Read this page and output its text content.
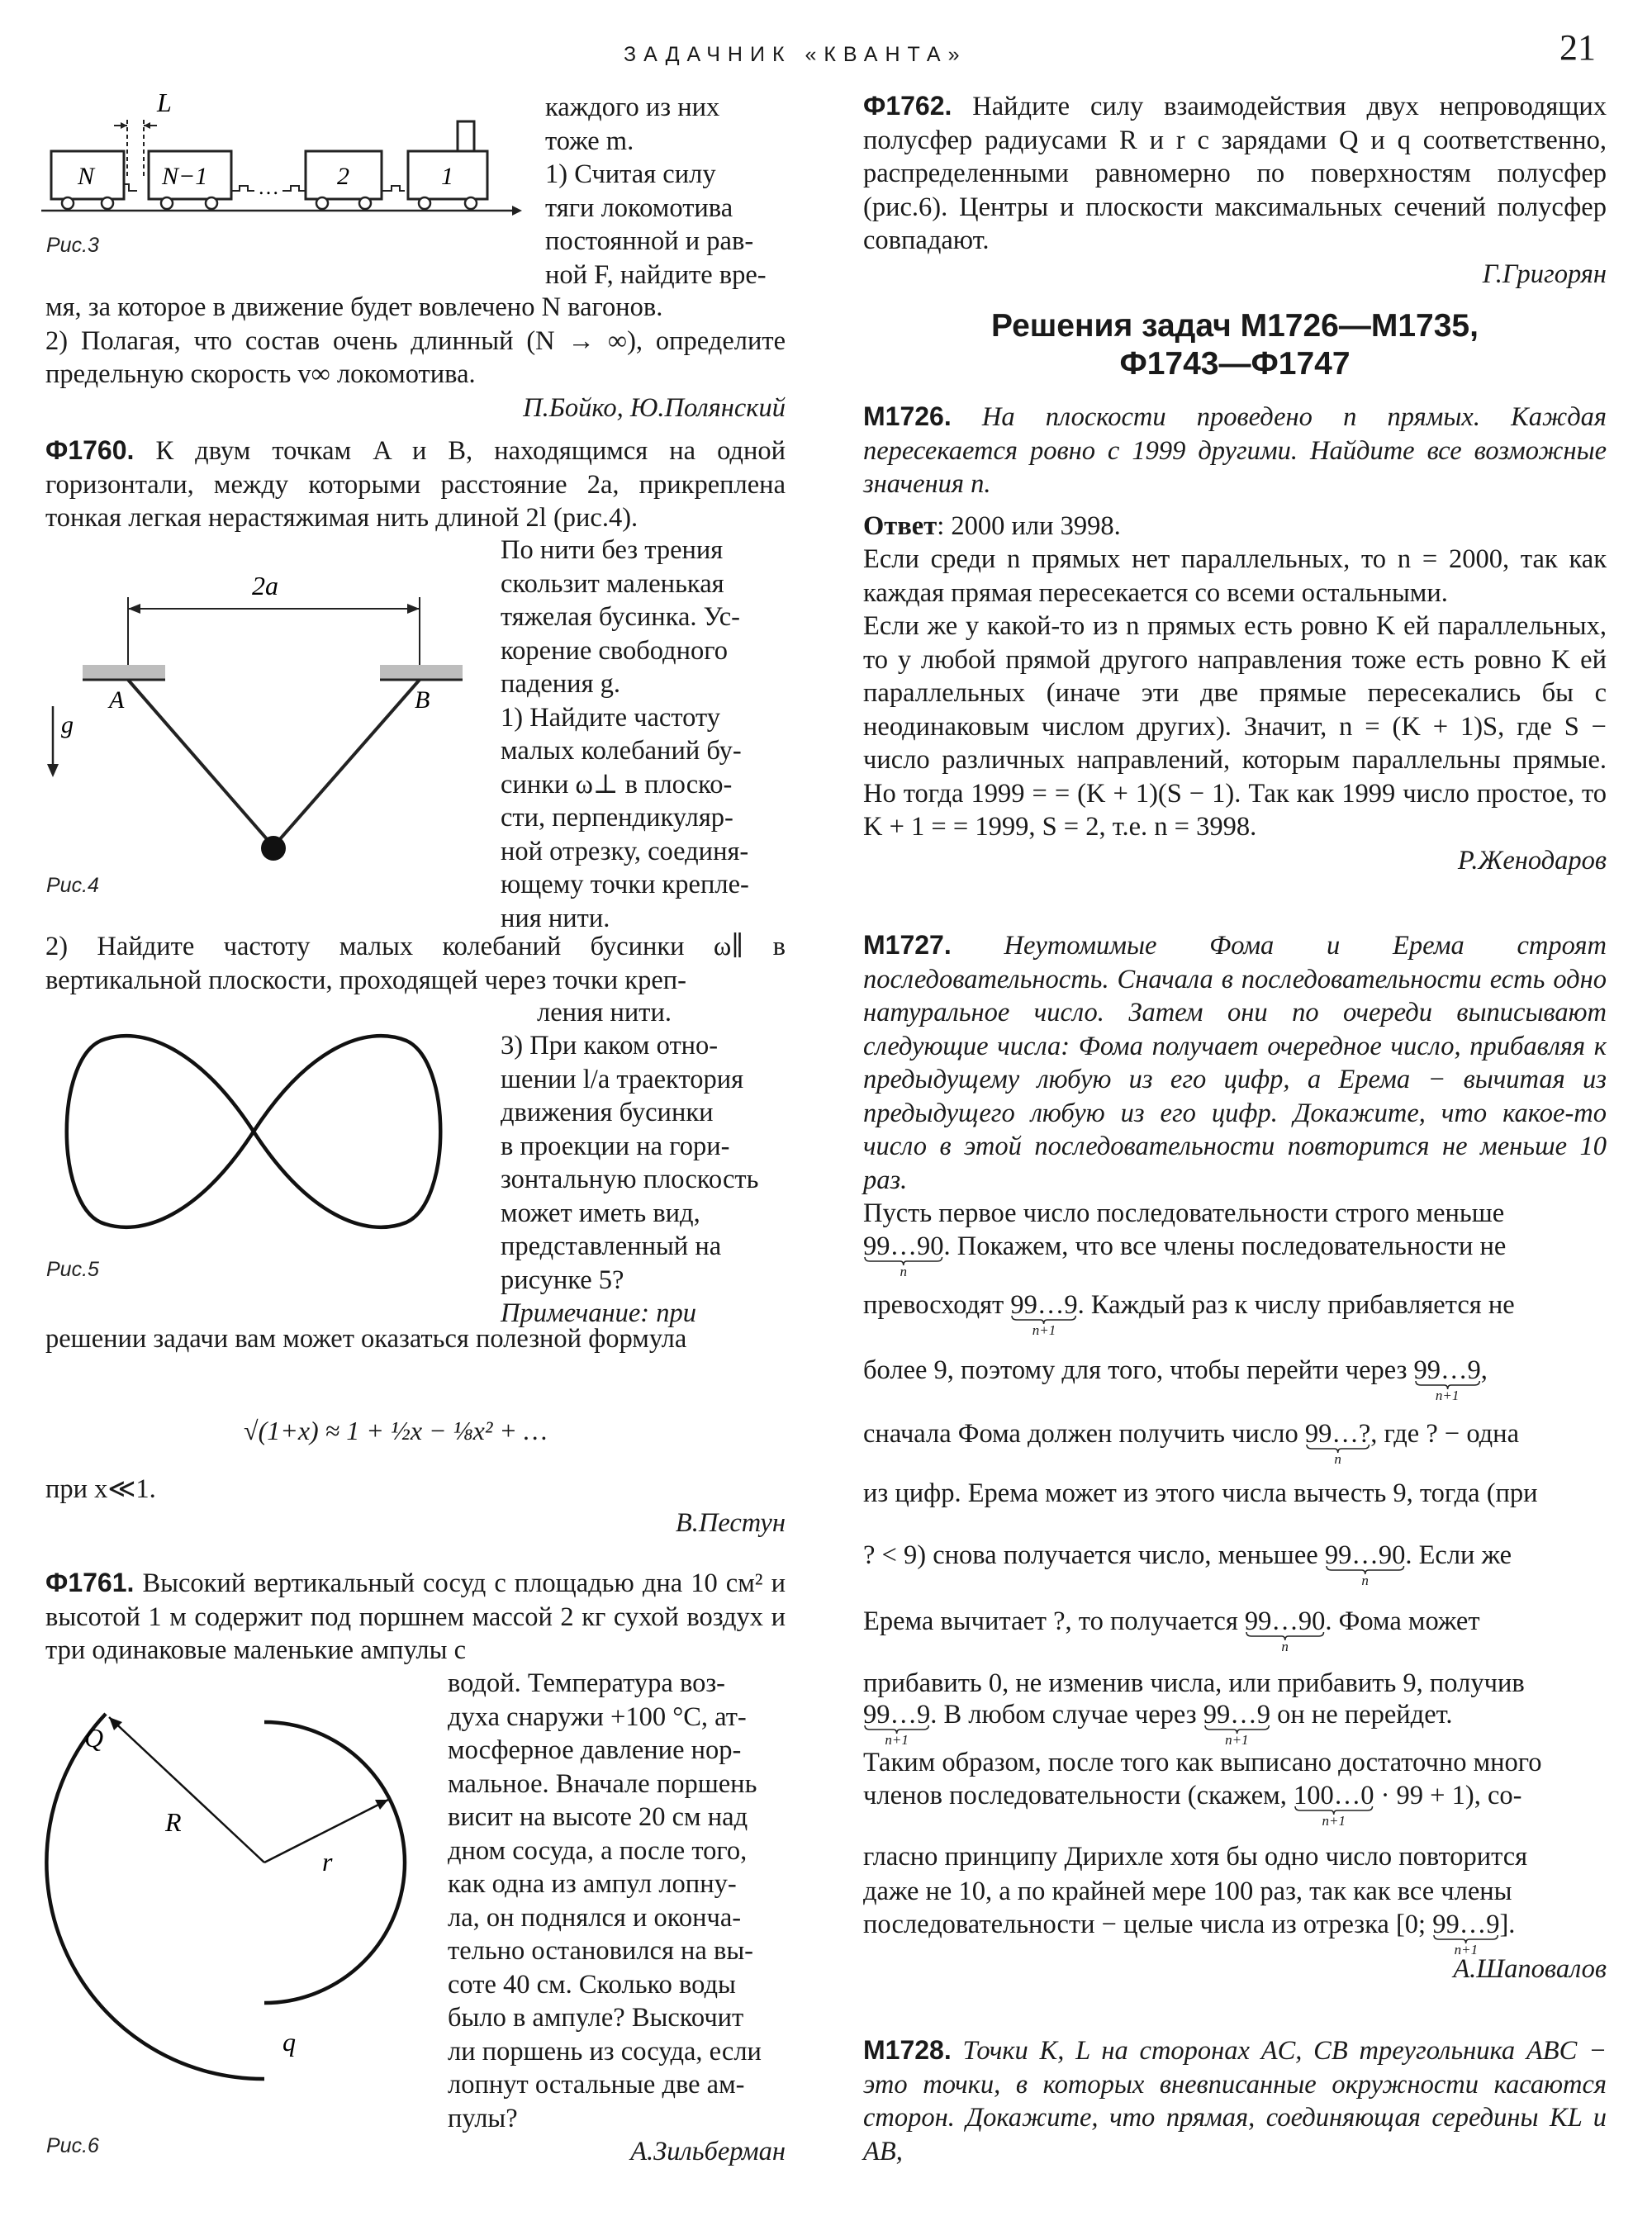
ЗАДАЧНИК «КВАНТА»	21
…
L
N	N−1	2	1
Рис.3

каждого из них

тоже m.

1) Считая силу

тяги локомотива

постоянной и рав-

ной F, найдите вре-

мя, за которое в движение будет вовлечено N вагонов.

2) Полагая, что состав очень длинный (N → ∞), определите предельную скорость v∞ локомотива.

П.Бойко, Ю.Полянский

Ф1760. К двум точкам A и B, находящимся на одной горизонтали, между которыми расстояние 2a, прикреплена тонкая легкая нерастяжимая нить длиной 2l (рис.4).

2a
A	B
g
Рис.4

По нити без трения

скользит маленькая

тяжелая бусинка. Ус-

корение свободного

падения g.

1) Найдите частоту

малых колебаний бу-

синки ω⊥ в плоско-

сти, перпендикуляр-

ной отрезку, соединя-

ющему точки крепле-

ния нити.

2) Найдите частоту малых колебаний бусинки ω∥ в вертикальной плоскости, проходящей через точки креп-

ления нити.

Рис.5

3) При каком отно-

шении l/a траектория

движения бусинки

в проекции на гори-

зонтальную плоскость

может иметь вид,

представленный на

рисунке 5?

Примечание: при

решении задачи вам может оказаться полезной формула

√(1+x) ≈ 1 + ½x − ⅛x² + …

при x≪1.

В.Пестун

Ф1761. Высокий вертикальный сосуд с площадью дна 10 см² и высотой 1 м содержит под поршнем массой 2 кг сухой воздух и три одинаковые маленькие ампулы с

Q
R
r
q
Рис.6

водой. Температура воз-

духа снаружи +100 °C, ат-

мосферное давление нор-

мальное. Вначале поршень

висит на высоте 20 см над

дном сосуда, а после того,

как одна из ампул лопну-

ла, он поднялся и оконча-

тельно остановился на вы-

соте 40 см. Сколько воды

было в ампуле? Выскочит

ли поршень из сосуда, если

лопнут остальные две ам-

пулы?

А.Зильберман

Ф1762. Найдите силу взаимодействия двух непроводящих полусфер радиусами R и r с зарядами Q и q соответственно, распределенными равномерно по поверхностям полусфер (рис.6). Центры и плоскости максимальных сечений полусфер совпадают.

Г.Григорян

Решения задач М1726—М1735,
Ф1743—Ф1747

М1726. На плоскости проведено n прямых. Каждая пересекается ровно с 1999 другими. Найдите все возможные значения n.

Ответ: 2000 или 3998.

Если среди n прямых нет параллельных, то n = 2000, так как каждая прямая пересекается со всеми остальными.

Если же у какой-то из n прямых есть ровно K ей параллельных, то у любой прямой другого направления тоже есть ровно K ей параллельных (иначе эти две прямые пересекались бы с неодинаковым числом других). Значит, n = (K + 1)S, где S − число различных направлений, которым параллельны прямые. Но тогда 1999 = = (K + 1)(S − 1). Так как 1999 число простое, то K + 1 = = 1999, S = 2, т.е. n = 3998.

Р.Женодаров

М1727. Неутомимые Фома и Ерема строят последовательность. Сначала в последовательности есть одно натуральное число. Затем они по очереди выписывают следующие числа: Фома получает очередное число, прибавляя к предыдущему любую из его цифр, а Ерема − вычитая из предыдущего любую из его цифр. Докажите, что какое-то число в этой последовательности повторится не меньше 10 раз.

Пусть первое число последовательности строго меньше

99…90
n
. Покажем, что все члены последовательности не

превосходят 99…9
n+1
. Каждый раз к числу прибавляется не

более 9, поэтому для того, чтобы перейти через 99…9
n+1
,

сначала Фома должен получить число 99…?
n
, где ? − одна

из цифр. Ерема может из этого числа вычесть 9, тогда (при

? < 9) снова получается число, меньшее 99…90
n
. Если же

Ерема вычитает ?, то получается 99…90
n
. Фома может

прибавить 0, не изменив числа, или прибавить 9, получив

99…9
n+1
. В любом случае через 99…9
n+1
он не перейдет.

Таким образом, после того как выписано достаточно много

членов последовательности (скажем, 100…0
n+1
· 99 + 1), со-

гласно принципу Дирихле хотя бы одно число повторится

даже не 10, а по крайней мере 100 раз, так как все члены

последовательности − целые числа из отрезка [0; 99…9
n+1
].

А.Шаповалов

М1728. Точки K, L на сторонах AC, CB треугольника ABC − это точки, в которых вневписанные окружности касаются сторон. Докажите, что прямая, соединяющая середины KL и AB,
